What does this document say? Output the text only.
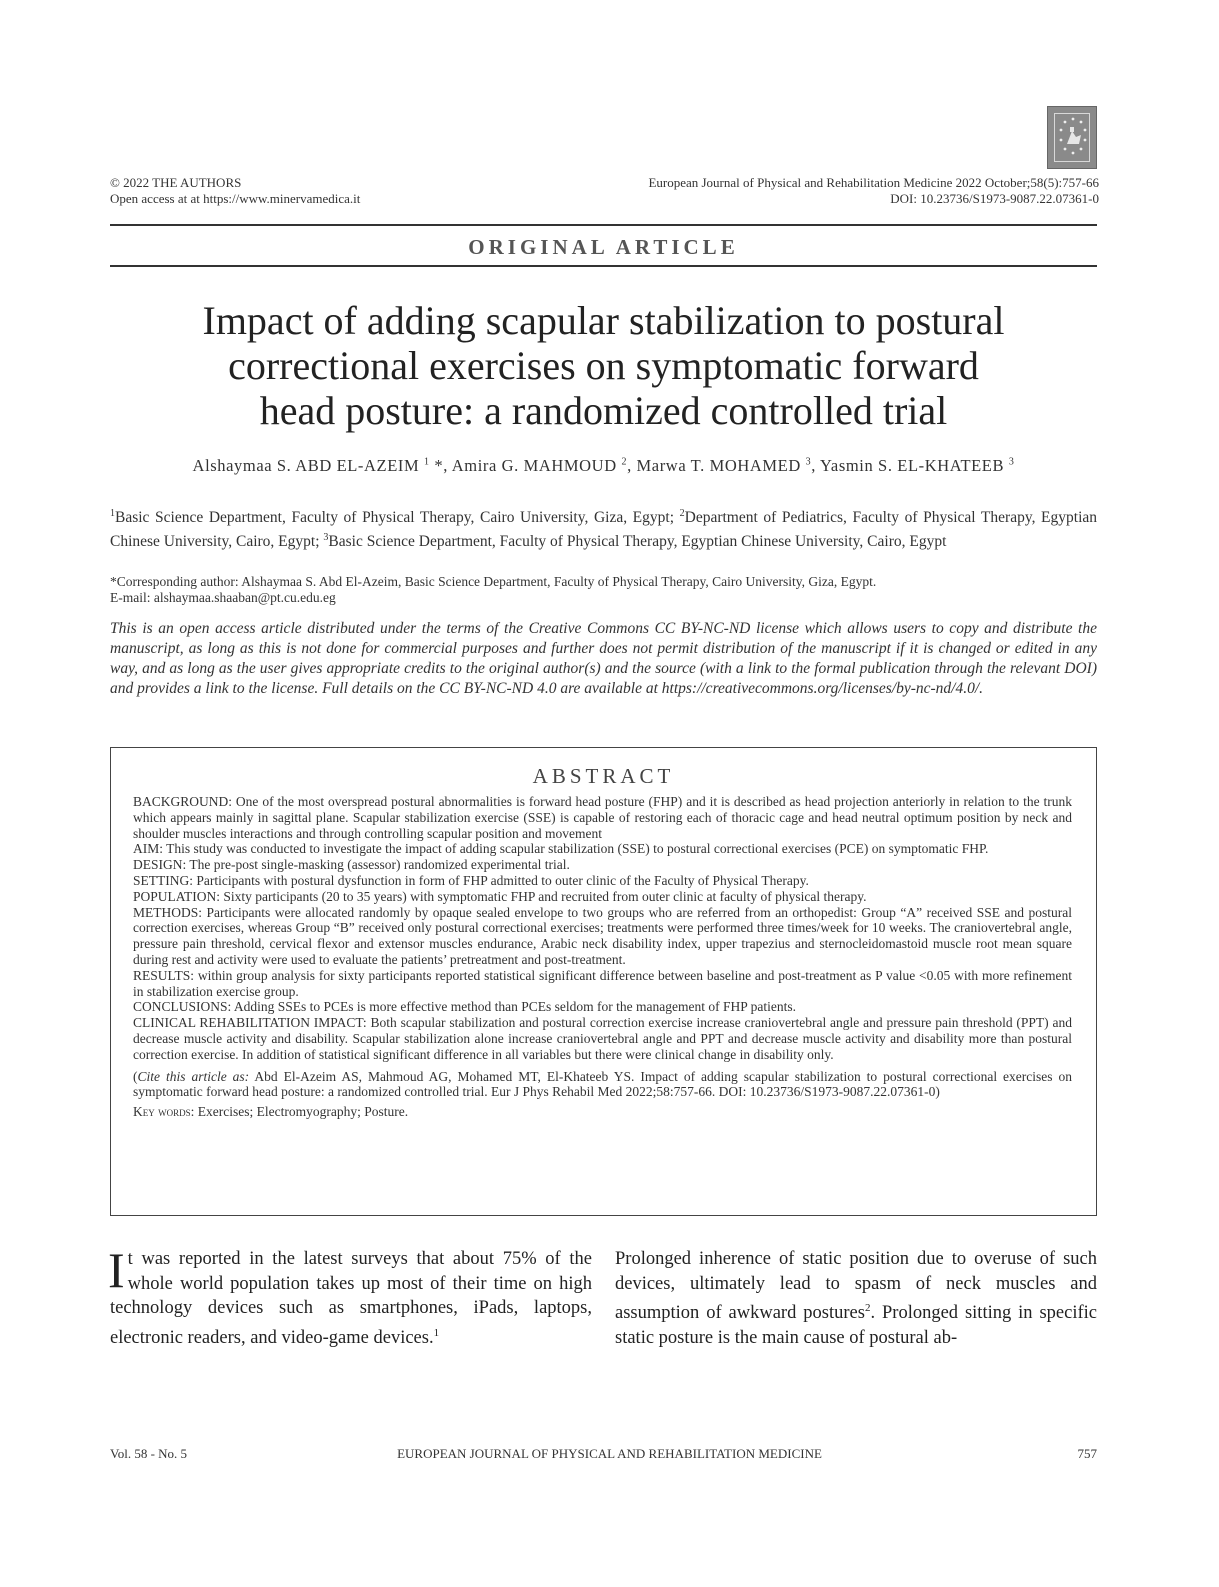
© 2022 THE AUTHORS
Open access at at https://www.minervamedica.it
European Journal of Physical and Rehabilitation Medicine 2022 October;58(5):757-66
DOI: 10.23736/S1973-9087.22.07361-0
ORIGINAL ARTICLE
Impact of adding scapular stabilization to postural
correctional exercises on symptomatic forward
head posture: a randomized controlled trial
Alshaymaa S. ABD EL-AZEIM $^1$ *, Amira G. MAHMOUD $^2$, Marwa T. MOHAMED $^3$, Yasmin S. EL-KHATEEB $^3$
$^1$Basic Science Department, Faculty of Physical Therapy, Cairo University, Giza, Egypt; $^2$Department of Pediatrics, Faculty of Physical Therapy, Egyptian Chinese University, Cairo, Egypt; $^3$Basic Science Department, Faculty of Physical Therapy, Egyptian Chinese University, Cairo, Egypt
*Corresponding author: Alshaymaa S. Abd El-Azeim, Basic Science Department, Faculty of Physical Therapy, Cairo University, Giza, Egypt.
E-mail: alshaymaa.shaaban@pt.cu.edu.eg
This is an open access article distributed under the terms of the Creative Commons CC BY-NC-ND license which allows users to copy and distribute the manuscript, as long as this is not done for commercial purposes and further does not permit distribution of the manuscript if it is changed or edited in any way, and as long as the user gives appropriate credits to the original author(s) and the source (with a link to the formal publication through the relevant DOI) and provides a link to the license. Full details on the CC BY-NC-ND 4.0 are available at https://creativecommons.org/licenses/by-nc-nd/4.0/.
ABSTRACT

BACKGROUND: One of the most overspread postural abnormalities is forward head posture (FHP) and it is described as head projection anteriorly in relation to the trunk which appears mainly in sagittal plane. Scapular stabilization exercise (SSE) is capable of restoring each of thoracic cage and head neutral optimum position by neck and shoulder muscles interactions and through controlling scapular position and movement

AIM: This study was conducted to investigate the impact of adding scapular stabilization (SSE) to postural correctional exercises (PCE) on symptomatic FHP.

DESIGN: The pre-post single-masking (assessor) randomized experimental trial.

SETTING: Participants with postural dysfunction in form of FHP admitted to outer clinic of the Faculty of Physical Therapy.

POPULATION: Sixty participants (20 to 35 years) with symptomatic FHP and recruited from outer clinic at faculty of physical therapy.

METHODS: Participants were allocated randomly by opaque sealed envelope to two groups who are referred from an orthopedist: Group “A” received SSE and postural correction exercises, whereas Group “B” received only postural correctional exercises; treatments were performed three times/week for 10 weeks. The craniovertebral angle, pressure pain threshold, cervical flexor and extensor muscles endurance, Arabic neck disability index, upper trapezius and sternocleidomastoid muscle root mean square during rest and activity were used to evaluate the patients’ pretreatment and post-treatment.

RESULTS: within group analysis for sixty participants reported statistical significant difference between baseline and post-treatment as P value <0.05 with more refinement in stabilization exercise group.

CONCLUSIONS: Adding SSEs to PCEs is more effective method than PCEs seldom for the management of FHP patients.

CLINICAL REHABILITATION IMPACT: Both scapular stabilization and postural correction exercise increase craniovertebral angle and pressure pain threshold (PPT) and decrease muscle activity and disability. Scapular stabilization alone increase craniovertebral angle and PPT and decrease muscle activity and disability more than postural correction exercise. In addition of statistical significant difference in all variables but there were clinical change in disability only.

(Cite this article as: Abd El-Azeim AS, Mahmoud AG, Mohamed MT, El-Khateeb YS. Impact of adding scapular stabilization to postural correctional exercises on symptomatic forward head posture: a randomized controlled trial. Eur J Phys Rehabil Med 2022;58:757-66. DOI: 10.23736/S1973-9087.22.07361-0)

Key words: Exercises; Electromyography; Posture.

It was reported in the latest surveys that about 75% of the whole world population takes up most of their time on high technology devices such as smartphones, iPads, laptops, electronic readers, and video-game devices.$^1$
Prolonged inherence of static position due to overuse of such devices, ultimately lead to spasm of neck muscles and assumption of awkward postures$^2$. Prolonged sitting in specific static posture is the main cause of postural ab-
Vol. 58 - No. 5	EUROPEAN JOURNAL OF PHYSICAL AND REHABILITATION MEDICINE	757
